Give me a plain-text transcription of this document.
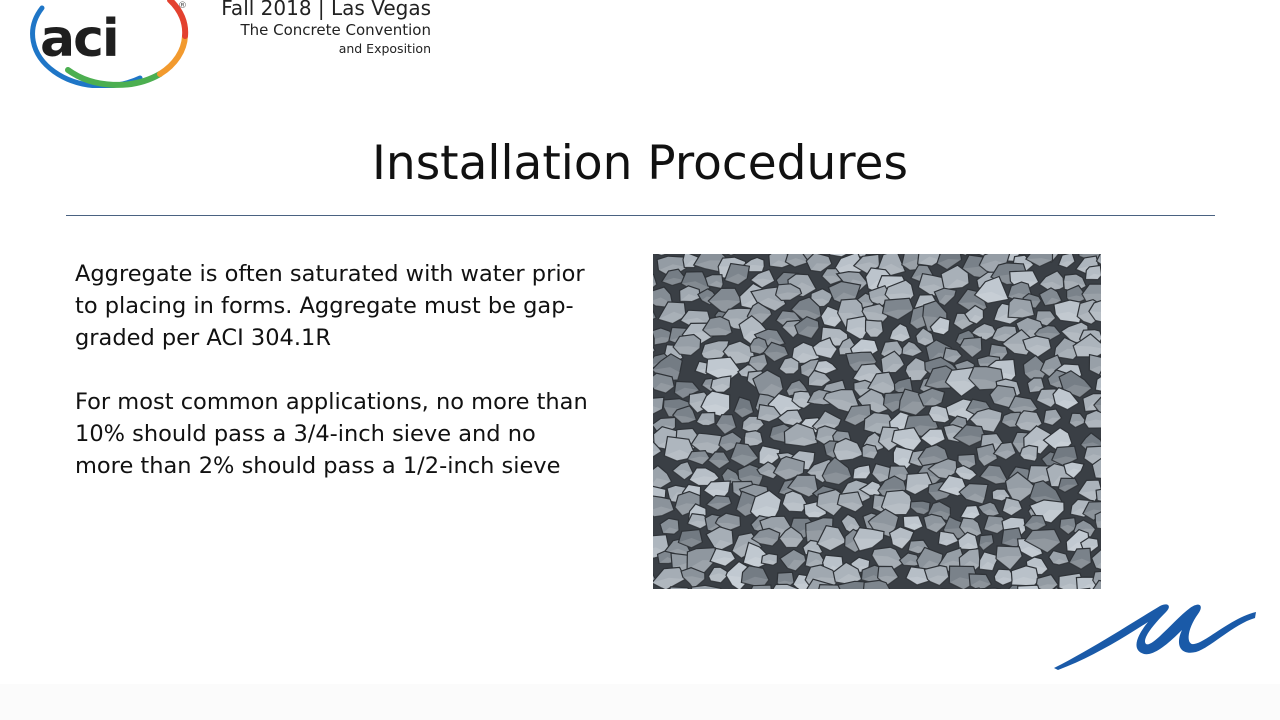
aci
® Fall 2018 | Las Vegas
The Concrete Convention
and Exposition
Installation Procedures

Aggregate is often saturated with water prior to placing in forms. Aggregate must be gap-graded per ACI 304.1R

For most common applications, no more than 10% should pass a 3/4-inch sieve and no more than 2% should pass a 1/2-inch sieve
